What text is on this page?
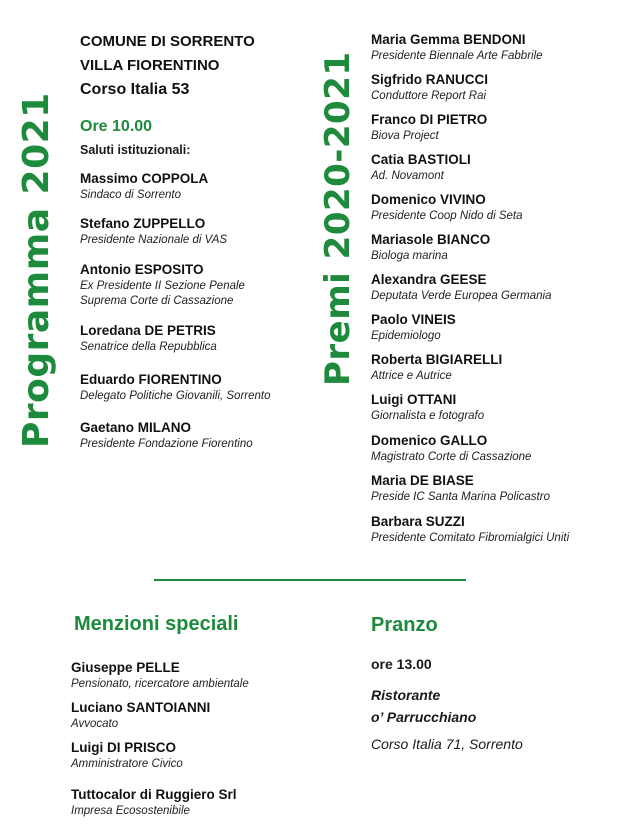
Programma 2021	Premi 2020-2021
COMUNE DI SORRENTO
VILLA FIORENTINO
Corso Italia 53
Ore 10.00
Saluti istituzionali:
Massimo COPPOLA
Sindaco di Sorrento
Stefano ZUPPELLO
Presidente Nazionale di VAS
Antonio ESPOSITO
Ex Presidente II Sezione Penale
Suprema Corte di Cassazione
Loredana DE PETRIS
Senatrice della Repubblica
Eduardo FIORENTINO
Delegato Politiche Giovanili, Sorrento
Gaetano MILANO
Presidente Fondazione Fiorentino
Maria Gemma BENDONI
Presidente Biennale Arte Fabbrile
Sigfrido RANUCCI
Conduttore Report Rai
Franco DI PIETRO
Biova Project
Catia BASTIOLI
Ad. Novamont
Domenico VIVINO
Presidente Coop Nido di Seta
Mariasole BIANCO
Biologa marina
Alexandra GEESE
Deputata Verde Europea Germania
Paolo VINEIS
Epidemiologo
Roberta BIGIARELLI
Attrice e Autrice
Luigi OTTANI
Giornalista e fotografo
Domenico GALLO
Magistrato Corte di Cassazione
Maria DE BIASE
Preside IC Santa Marina Policastro
Barbara SUZZI
Presidente Comitato Fibromialgici Uniti
Menzioni speciali
Giuseppe PELLE
Pensionato, ricercatore ambientale
Luciano SANTOIANNI
Avvocato
Luigi DI PRISCO
Amministratore Civico
Tuttocalor di Ruggiero Srl
Impresa Ecosostenibile
Pranzo
ore 13.00
Ristorante
o’ Parrucchiano
Corso Italia 71, Sorrento
